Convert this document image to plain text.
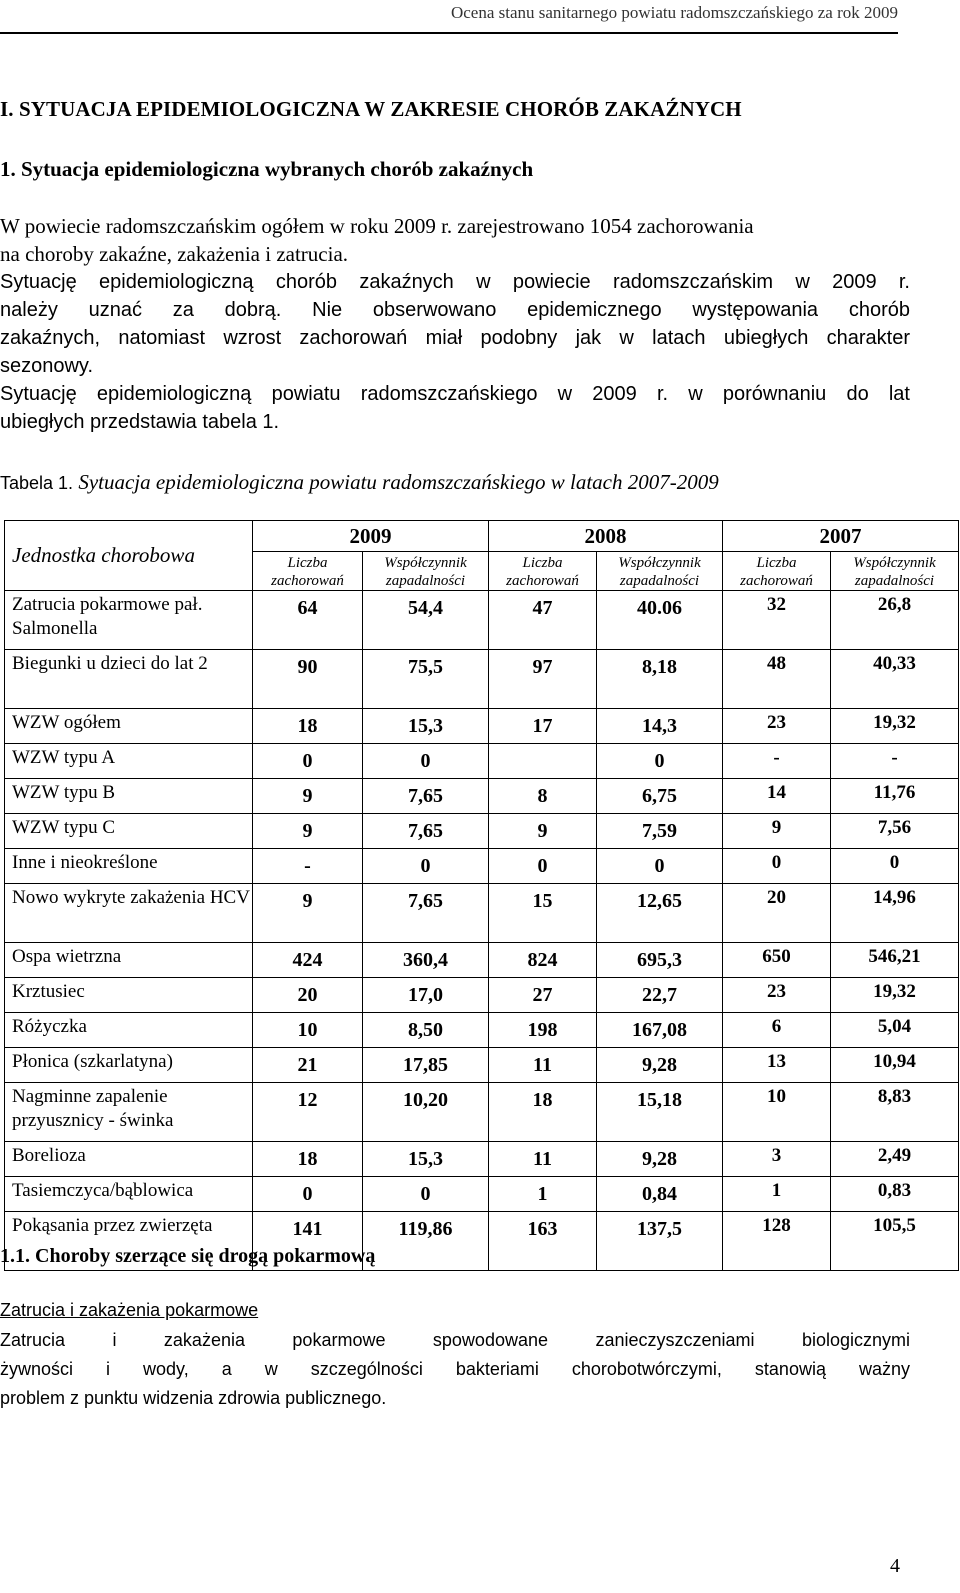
Ocena stanu sanitarnego powiatu radomszczańskiego za rok 2009
I. SYTUACJA EPIDEMIOLOGICZNA W ZAKRESIE CHORÓB ZAKAŹNYCH
1. Sytuacja epidemiologiczna wybranych chorób zakaźnych
W powiecie radomszczańskim ogółem w roku 2009 r. zarejestrowano 1054 zachorowania
na choroby zakaźne, zakażenia i zatrucia.
Sytuację epidemiologiczną chorób zakaźnych w powiecie radomszczańskim w 2009 r.
należy uznać za dobrą. Nie obserwowano epidemicznego występowania chorób
zakaźnych, natomiast wzrost zachorowań miał podobny jak w latach ubiegłych charakter
sezonowy.
Sytuację epidemiologiczną powiatu radomszczańskiego w 2009 r. w porównaniu do lat
ubiegłych przedstawia tabela 1.
Tabela 1. Sytuacja epidemiologiczna powiatu radomszczańskiego w latach 2007-2009
Jednostka chorobowa	2009		2008		2007	
	Liczba zachorowań	Współczynnik zapadalności	Liczba zachorowań	Współczynnik zapadalności	Liczba zachorowań	Współczynnik zapadalności
Zatrucia pokarmowe pał. Salmonella	64	54,4	47	40.06	32	26,8
Biegunki u dzieci do lat 2	90	75,5	97	8,18	48	40,33
WZW ogółem	18	15,3	17	14,3	23	19,32
WZW typu A	0	0		0	-	-
WZW typu B	9	7,65	8	6,75	14	11,76
WZW typu C	9	7,65	9	7,59	9	7,56
Inne i nieokreślone	-	0	0	0	0	0
Nowo wykryte zakażenia HCV	9	7,65	15	12,65	20	14,96
Ospa wietrzna	424	360,4	824	695,3	650	546,21
Krztusiec	20	17,0	27	22,7	23	19,32
Różyczka	10	8,50	198	167,08	6	5,04
Płonica (szkarlatyna)	21	17,85	11	9,28	13	10,94
Nagminne zapalenie przyusznicy - świnka	12	10,20	18	15,18	10	8,83
Borelioza	18	15,3	11	9,28	3	2,49
Tasiemczyca/bąblowica	0	0	1	0,84	1	0,83
Pokąsania przez zwierzęta	141	119,86	163	137,5	128	105,5
1.1. Choroby szerzące się drogą pokarmową
Zatrucia i zakażenia pokarmowe
Zatrucia i zakażenia pokarmowe spowodowane zanieczyszczeniami biologicznymi
żywności i wody, a w szczególności bakteriami chorobotwórczymi, stanowią ważny
problem z punktu widzenia zdrowia publicznego.
4
